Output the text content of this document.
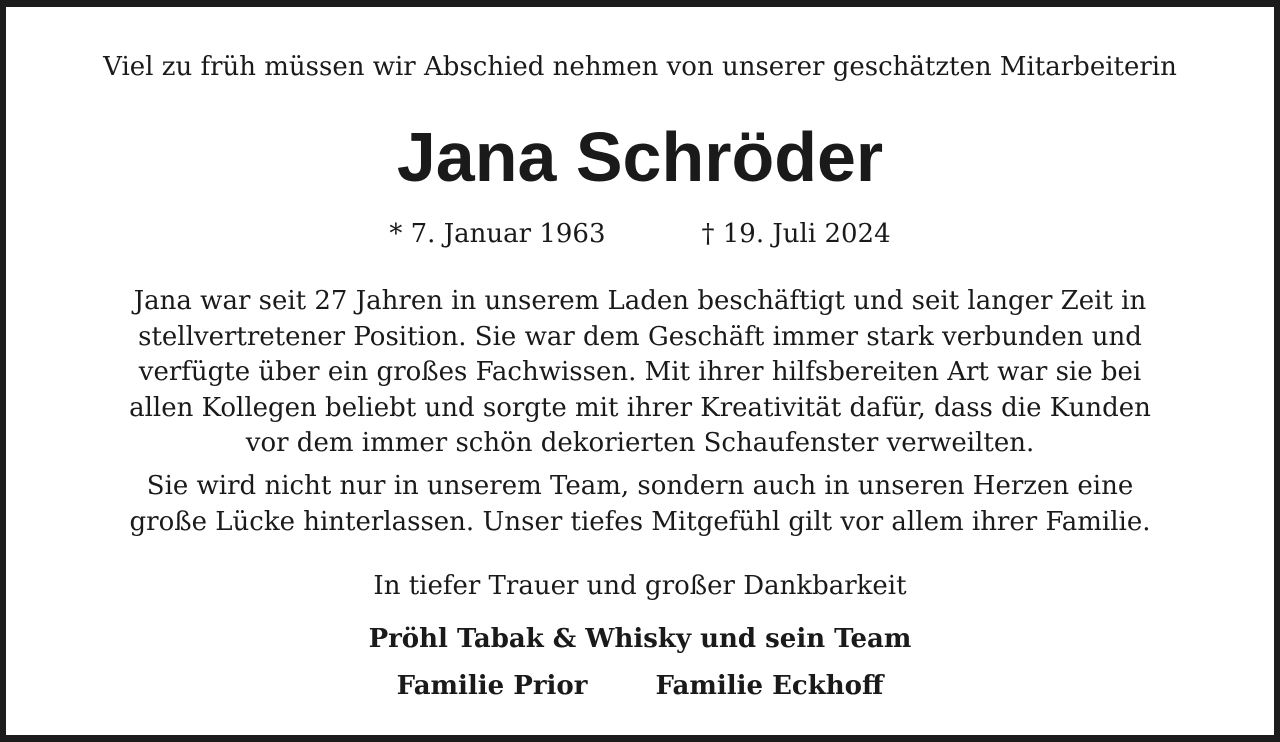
Viel zu früh müssen wir Abschied nehmen von unserer geschätzten Mitarbeiterin

Jana Schröder

* 7. Januar 1963	† 19. Juli 2024

Jana war seit 27 Jahren in unserem Laden beschäftigt und seit langer Zeit in
stellvertretener Position. Sie war dem Geschäft immer stark verbunden und
verfügte über ein großes Fachwissen. Mit ihrer hilfsbereiten Art war sie bei
allen Kollegen beliebt und sorgte mit ihrer Kreativität dafür, dass die Kunden
vor dem immer schön dekorierten Schaufenster verweilten.

Sie wird nicht nur in unserem Team, sondern auch in unseren Herzen eine
große Lücke hinterlassen. Unser tiefes Mitgefühl gilt vor allem ihrer Familie.

In tiefer Trauer und großer Dankbarkeit

Pröhl Tabak & Whisky und sein Team

Familie Prior	Familie Eckhoff
